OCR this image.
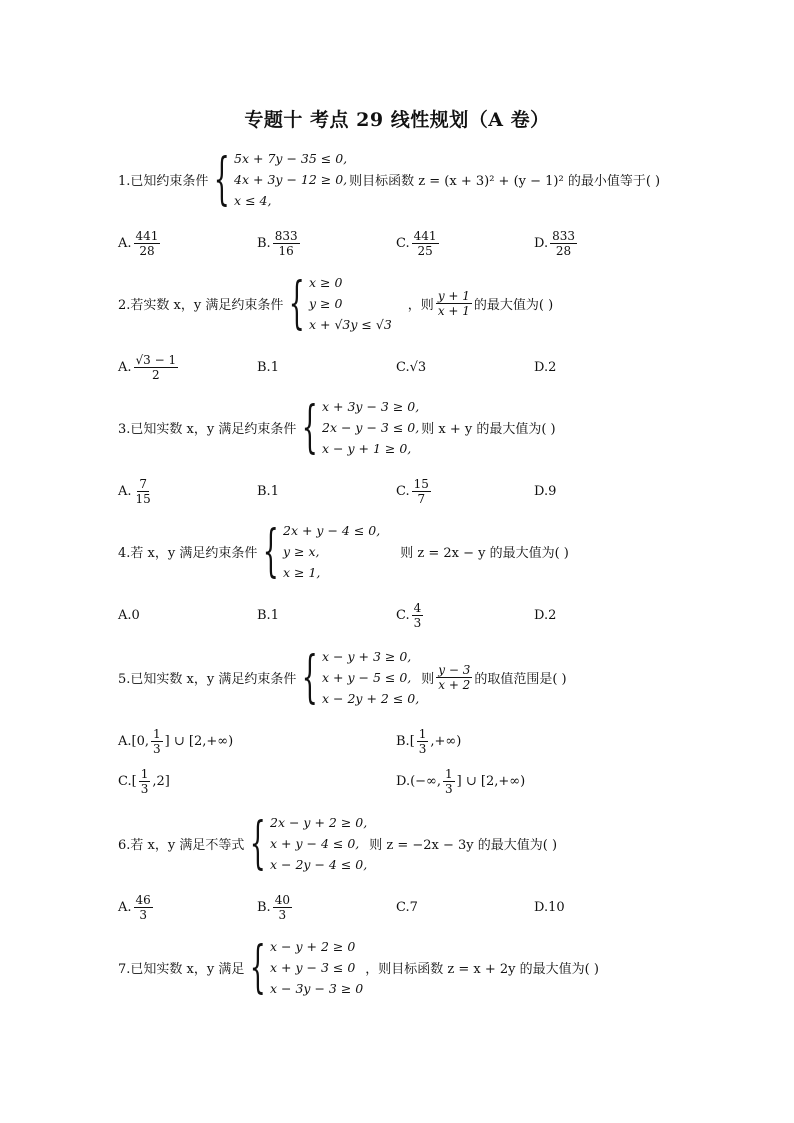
专题十 考点 29 线性规划（A 卷）
1.已知约束条件 { 5x + 7y − 35 ≤ 0,
4x + 3y − 12 ≥ 0,
x ≤ 4,
则目标函数 z = (x + 3)² + (y − 1)² 的最小值等于( )
A. $\frac{441}{28}$	B. $\frac{833}{16}$	C. $\frac{441}{25}$	D. $\frac{833}{28}$
2.若实数 x，y 满足约束条件 { x ≥ 0
y ≥ 0
x + √3y ≤ √3
，则 $\frac{y + 1}{x + 1}$ 的最大值为( )
A. $\frac{√3 - 1}{2}$	B. 1	C. √3	D. 2
3.已知实数 x，y 满足约束条件 { x + 3y − 3 ≥ 0,
2x − y − 3 ≤ 0,
x − y + 1 ≥ 0,
则 x + y 的最大值为( )
A. $\frac{7}{15}$	B. 1	C. $\frac{15}{7}$	D. 9
4.若 x，y 满足约束条件 { 2x + y − 4 ≤ 0,
y ≥ x,
x ≥ 1,
则 z = 2x − y 的最大值为( )
A. 0	B. 1	C. $\frac{4}{3}$	D. 2
5.已知实数 x，y 满足约束条件 { x − y + 3 ≥ 0,
x + y − 5 ≤ 0,
x − 2y + 2 ≤ 0,
则 $\frac{y - 3}{x + 2}$ 的取值范围是( )
A. [0, $\frac{1}{3}$ ] ∪ [2,+∞)	B. [ $\frac{1}{3}$ ,+∞)
C. [ $\frac{1}{3} ,2$]	D. (−∞, $\frac{1}{3}$ ] ∪ [2,+∞)
6.若 x，y 满足不等式 { 2x − y + 2 ≥ 0,
x + y − 4 ≤ 0,
x − 2y − 4 ≤ 0,
则 z = −2x − 3y 的最大值为( )
A. $\frac{46}{3}$	B. $\frac{40}{3}$	C. 7	D. 10
7.已知实数 x，y 满足 { x − y + 2 ≥ 0
x + y − 3 ≤ 0
x − 3y − 3 ≥ 0
，则目标函数 z = x + 2y 的最大值为( )
